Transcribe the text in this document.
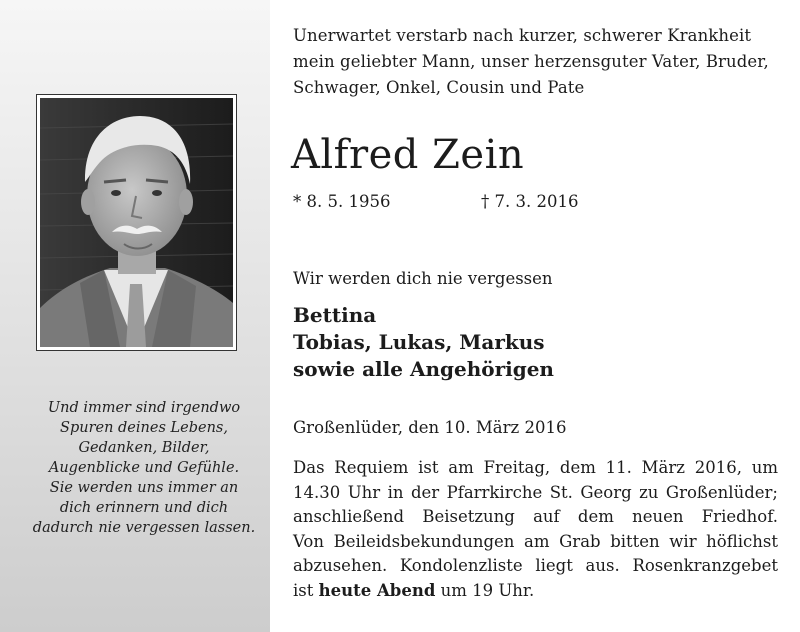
Und immer sind irgendwo
Spuren deines Lebens,
Gedanken, Bilder,
Augenblicke und Gefühle.
Sie werden uns immer an
dich erinnern und dich
dadurch nie vergessen lassen.
Unerwartet verstarb nach kurzer, schwerer Krankheit
mein geliebter Mann, unser herzensguter Vater, Bruder,
Schwager, Onkel, Cousin und Pate
Alfred Zein
* 8. 5. 1956	† 7. 3. 2016
Wir werden dich nie vergessen
Bettina
Tobias, Lukas, Markus
sowie alle Angehörigen
Großenlüder, den 10. März 2016
Das Requiem ist am Freitag, dem 11. März 2016, um
14.30 Uhr in der Pfarrkirche St. Georg zu Großenlüder;
anschließend Beisetzung auf dem neuen Friedhof.
Von Beileidsbekundungen am Grab bitten wir höflichst
abzusehen. Kondolenzliste liegt aus. Rosenkranzgebet
ist heute Abend um 19 Uhr.
